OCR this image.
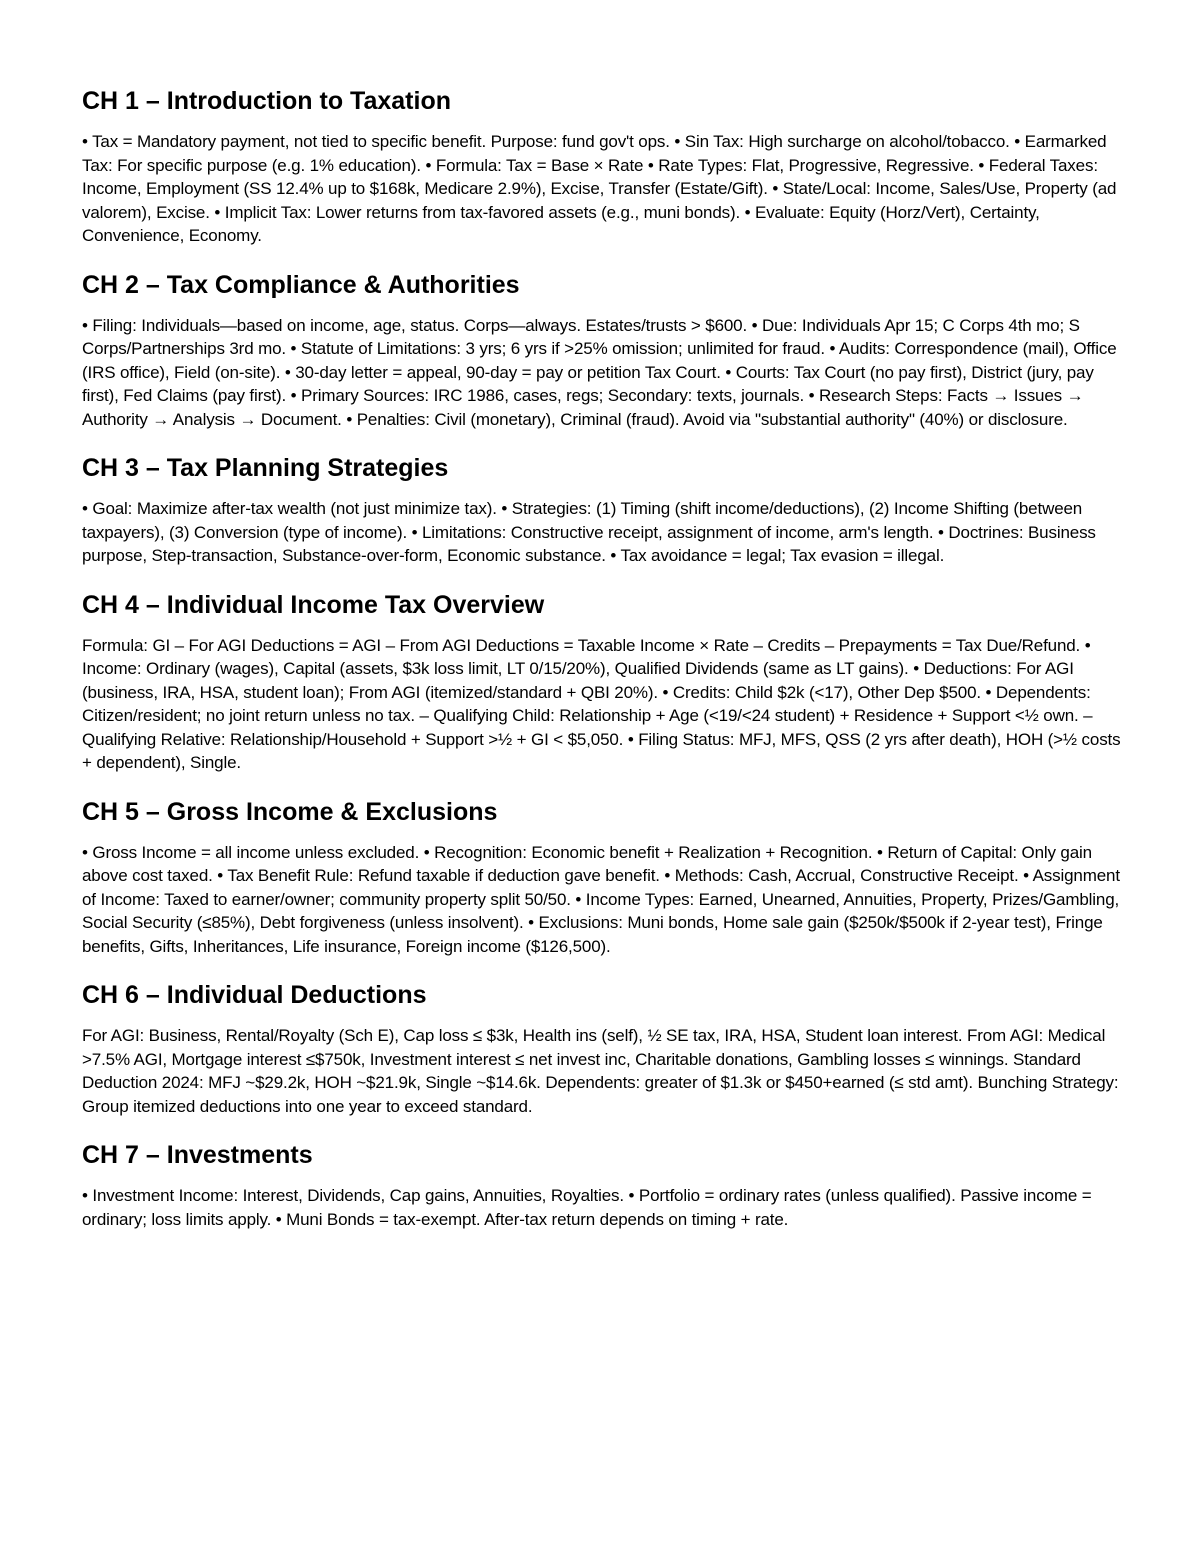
CH 1 – Introduction to Taxation

• Tax = Mandatory payment, not tied to specific benefit. Purpose: fund gov't ops. • Sin Tax: High surcharge on alcohol/tobacco. • Earmarked Tax: For specific purpose (e.g. 1% education). • Formula: Tax = Base × Rate • Rate Types: Flat, Progressive, Regressive. • Federal Taxes: Income, Employment (SS 12.4% up to $168k, Medicare 2.9%), Excise, Transfer (Estate/Gift). • State/Local: Income, Sales/Use, Property (ad valorem), Excise. • Implicit Tax: Lower returns from tax-favored assets (e.g., muni bonds). • Evaluate: Equity (Horz/Vert), Certainty, Convenience, Economy.

CH 2 – Tax Compliance & Authorities

• Filing: Individuals—based on income, age, status. Corps—always. Estates/trusts > $600. • Due: Individuals Apr 15; C Corps 4th mo; S Corps/Partnerships 3rd mo. • Statute of Limitations: 3 yrs; 6 yrs if >25% omission; unlimited for fraud. • Audits: Correspondence (mail), Office (IRS office), Field (on-site). • 30-day letter = appeal, 90-day = pay or petition Tax Court. • Courts: Tax Court (no pay first), District (jury, pay first), Fed Claims (pay first). • Primary Sources: IRC 1986, cases, regs; Secondary: texts, journals. • Research Steps: Facts → Issues → Authority → Analysis → Document. • Penalties: Civil (monetary), Criminal (fraud). Avoid via "substantial authority" (40%) or disclosure.

CH 3 – Tax Planning Strategies

• Goal: Maximize after-tax wealth (not just minimize tax). • Strategies: (1) Timing (shift income/deductions), (2) Income Shifting (between taxpayers), (3) Conversion (type of income). • Limitations: Constructive receipt, assignment of income, arm's length. • Doctrines: Business purpose, Step-transaction, Substance-over-form, Economic substance. • Tax avoidance = legal; Tax evasion = illegal.

CH 4 – Individual Income Tax Overview

Formula: GI – For AGI Deductions = AGI – From AGI Deductions = Taxable Income × Rate – Credits – Prepayments = Tax Due/Refund. • Income: Ordinary (wages), Capital (assets, $3k loss limit, LT 0/15/20%), Qualified Dividends (same as LT gains). • Deductions: For AGI (business, IRA, HSA, student loan); From AGI (itemized/standard + QBI 20%). • Credits: Child $2k (<17), Other Dep $500. • Dependents: Citizen/resident; no joint return unless no tax. – Qualifying Child: Relationship + Age (<19/<24 student) + Residence + Support <½ own. – Qualifying Relative: Relationship/Household + Support >½ + GI < $5,050. • Filing Status: MFJ, MFS, QSS (2 yrs after death), HOH (>½ costs + dependent), Single.

CH 5 – Gross Income & Exclusions

• Gross Income = all income unless excluded. • Recognition: Economic benefit + Realization + Recognition. • Return of Capital: Only gain above cost taxed. • Tax Benefit Rule: Refund taxable if deduction gave benefit. • Methods: Cash, Accrual, Constructive Receipt. • Assignment of Income: Taxed to earner/owner; community property split 50/50. • Income Types: Earned, Unearned, Annuities, Property, Prizes/Gambling, Social Security (≤85%), Debt forgiveness (unless insolvent). • Exclusions: Muni bonds, Home sale gain ($250k/$500k if 2-year test), Fringe benefits, Gifts, Inheritances, Life insurance, Foreign income ($126,500).

CH 6 – Individual Deductions

For AGI: Business, Rental/Royalty (Sch E), Cap loss ≤ $3k, Health ins (self), ½ SE tax, IRA, HSA, Student loan interest. From AGI: Medical >7.5% AGI, Mortgage interest ≤$750k, Investment interest ≤ net invest inc, Charitable donations, Gambling losses ≤ winnings. Standard Deduction 2024: MFJ ~$29.2k, HOH ~$21.9k, Single ~$14.6k. Dependents: greater of $1.3k or $450+earned (≤ std amt). Bunching Strategy: Group itemized deductions into one year to exceed standard.

CH 7 – Investments

• Investment Income: Interest, Dividends, Cap gains, Annuities, Royalties. • Portfolio = ordinary rates (unless qualified). Passive income = ordinary; loss limits apply. • Muni Bonds = tax-exempt. After-tax return depends on timing + rate.
